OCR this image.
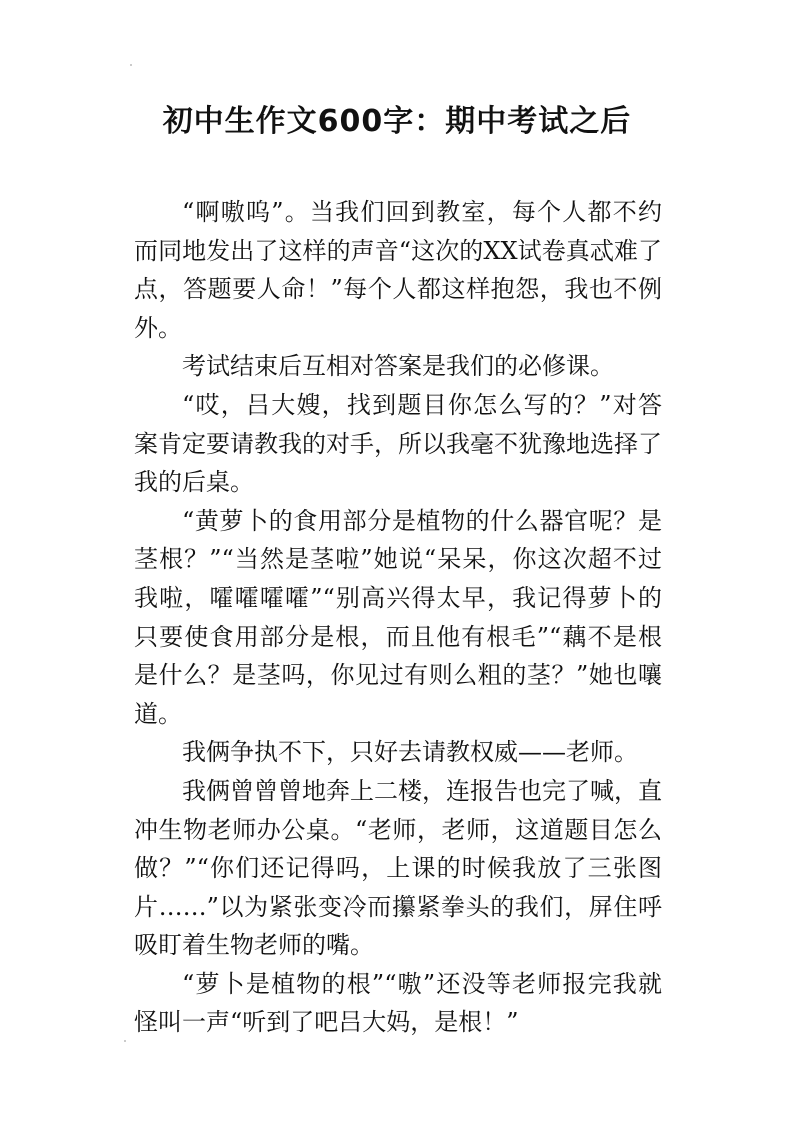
初中生作文600字：期中考试之后

“啊嗷呜”。当我们回到教室，每个人都不约而同地发出了这样的声音“这次的XX试卷真忒难了点，答题要人命！”每个人都这样抱怨，我也不例外。

考试结束后互相对答案是我们的必修课。

“哎，吕大嫂，找到题目你怎么写的？”对答案肯定要请教我的对手，所以我毫不犹豫地选择了我的后桌。

“黄萝卜的食用部分是植物的什么器官呢？是茎根？”“当然是茎啦”她说“呆呆，你这次超不过我啦，嚯嚯嚯嚯”“别高兴得太早，我记得萝卜的只要使食用部分是根，而且他有根毛”“藕不是根是什么？是茎吗，你见过有则么粗的茎？”她也嚷道。

我俩争执不下，只好去请教权威——老师。

我俩曾曾曾地奔上二楼，连报告也完了喊，直冲生物老师办公桌。“老师，老师，这道题目怎么做？”“你们还记得吗，上课的时候我放了三张图片……”以为紧张变冷而攥紧拳头的我们，屏住呼吸盯着生物老师的嘴。

“萝卜是植物的根”“嗷”还没等老师报完我就怪叫一声“听到了吧吕大妈，是根！”
